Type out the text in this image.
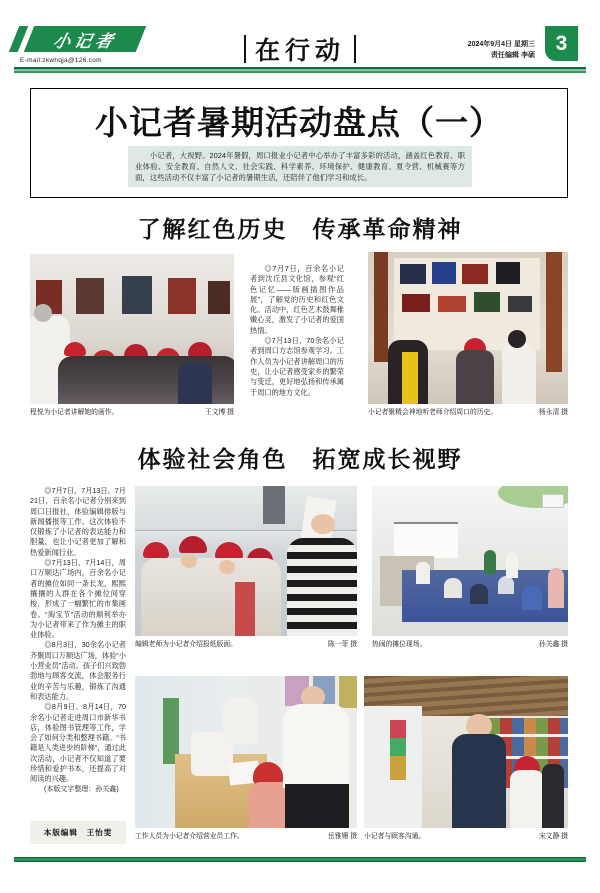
小记者
E-mail:zkwhqja@126.com	在行动	2024年9月4日 星期三
责任编辑 李硕
3
小记者暑期活动盘点（一）

小记者，大视野。2024年暑假，周口报业小记者中心举办了丰富多彩的活动，涵盖红色教育、职业体验、安全教育、自然人文、社会实践、科学素养、环境保护、健康教育、夏令营、机械赛等方面，这些活动不仅丰富了小记者的暑期生活，还陪伴了他们学习和成长。

了解红色历史　传承革命精神
程悦为小记者讲解她的画作。	王文博 摄

◎7月7日，百余名小记者到沈丘县文化馆，参观“红色记忆——版画插图作品展”，了解党的历史和红色文化。活动中，红色艺术鼓舞稚嫩心灵，激发了小记者的爱国热情。

◎7月13日，70余名小记者到周口方志馆参观学习。工作人员为小记者讲解周口的历史，让小记者感受家乡的繁荣与变迁，更好地弘扬和传承属于周口的地方文化。

小记者聚精会神地听老师介绍周口的历史。	杨永清 摄
体验社会角色　拓宽成长视野

◎7月7日、7月13日、7月21日，百余名小记者分别来到周口日报社，体验编辑排版与新闻播报等工作。这次体验不仅锻炼了小记者的表达能力和胆量，也让小记者更加了解和热爱新闻行业。

◎7月13日、7月14日，周口万顺达广场内，百余名小记者的摊位如同一条长龙，熙熙攘攘的人群在各个摊位间穿梭，形成了一幅繁忙的市集画卷。“淘宝节”活动的顺利举办为小记者带来了作为摊主的职业体验。

◎8月3日，30余名小记者齐聚周口万顺达广场，体验“小小营业员”活动。孩子们兴致勃勃地与顾客交流，体会服务行业的辛苦与乐趣，锻炼了沟通和表达能力。

◎8月9日、8月14日，70余名小记者走进周口市新华书店，体验图书管理等工作，学会了如何分类和整理书籍。“书籍是人类进步的阶梯”，通过此次活动，小记者不仅知道了要珍惜和爱护书本，还提高了对阅读的兴趣。

(本版文字整理：孙关鑫)

本版编辑　王怡雯
编辑老师为小记者介绍报纸版面。	陈一菲 摄 热闹的摊位现场。	孙关鑫 摄
工作人员为小记者介绍营业员工作。	岳雅姗 摄 小记者与顾客沟通。	宋文静 摄
